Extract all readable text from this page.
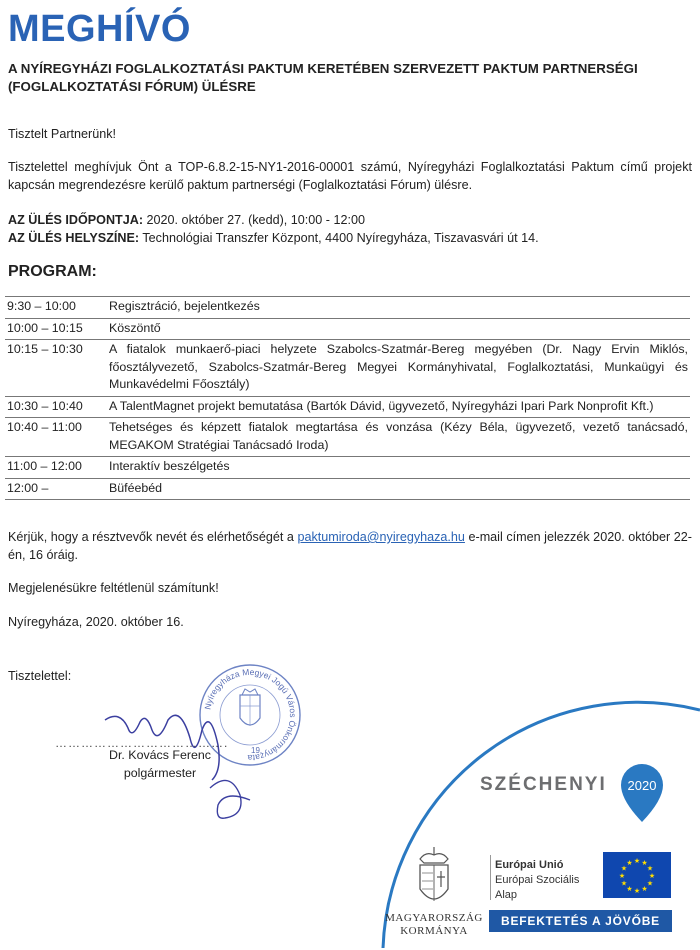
MEGHÍVÓ
A NYÍREGYHÁZI FOGLALKOZTATÁSI PAKTUM KERETÉBEN SZERVEZETT PAKTUM PARTNERSÉGI (FOGLALKOZTATÁSI FÓRUM) ÜLÉSRE
Tisztelt Partnerünk!
Tisztelettel meghívjuk Önt a TOP-6.8.2-15-NY1-2016-00001 számú, Nyíregyházi Foglalkoztatási Paktum című projekt kapcsán megrendezésre kerülő paktum partnerségi (Foglalkoztatási Fórum) ülésre.
AZ ÜLÉS IDŐPONTJA: 2020. október 27. (kedd), 10:00 - 12:00
AZ ÜLÉS HELYSZÍNE: Technológiai Transzfer Központ, 4400 Nyíregyháza, Tiszavasvári út 14.
PROGRAM:
9:30 – 10:00	Regisztráció, bejelentkezés
10:00 – 10:15	Köszöntő
10:15 – 10:30	A fiatalok munkaerő-piaci helyzete Szabolcs-Szatmár-Bereg megyében (Dr. Nagy Ervin Miklós, főosztályvezető, Szabolcs-Szatmár-Bereg Megyei Kormányhivatal, Foglalkoztatási, Munkaügyi és Munkavédelmi Főosztály)
10:30 – 10:40	A TalentMagnet projekt bemutatása (Bartók Dávid, ügyvezető, Nyíregyházi Ipari Park Nonprofit Kft.)
10:40 – 11:00	Tehetséges és képzett fiatalok megtartása és vonzása (Kézy Béla, ügyvezető, vezető tanácsadó, MEGAKOM Stratégiai Tanácsadó Iroda)
11:00 – 12:00	Interaktív beszélgetés
12:00 –	Büféebéd
Kérjük, hogy a résztvevők nevét és elérhetőségét a paktumiroda@nyiregyhaza.hu e-mail címen jelezzék 2020. október 22-én, 16 óráig.
Megjelenésükre feltétlenül számítunk!
Nyíregyháza, 2020. október 16.
Tisztelettel:
Nyíregyháza Megyei Jogú Város Önkormányzata
19.
………………………………….
Dr. Kovács Ferenc
polgármester
SZÉCHENYI 2020
MAGYARORSZÁG
KORMÁNYA
Európai Unió
Európai Szociális
Alap
★
★
★
★
★
★
★
★
★ ★ ★
★
BEFEKTETÉS A JÖVŐBE
